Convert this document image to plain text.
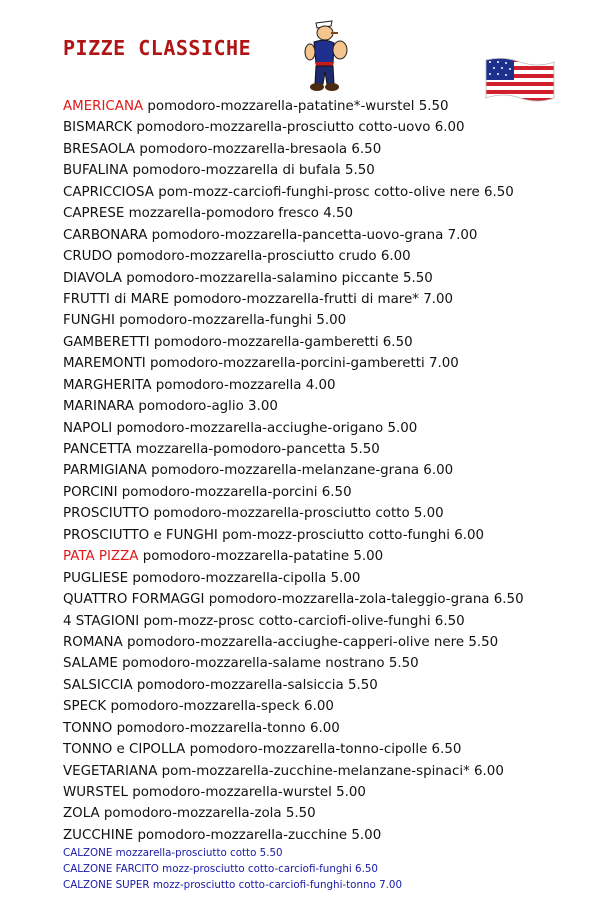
PIZZE CLASSICHE
AMERICANA pomodoro-mozzarella-patatine*-wurstel 5.50
BISMARCK pomodoro-mozzarella-prosciutto cotto-uovo 6.00
BRESAOLA pomodoro-mozzarella-bresaola 6.50
BUFALINA pomodoro-mozzarella di bufala 5.50
CAPRICCIOSA pom-mozz-carciofi-funghi-prosc cotto-olive nere 6.50
CAPRESE mozzarella-pomodoro fresco 4.50
CARBONARA pomodoro-mozzarella-pancetta-uovo-grana 7.00
CRUDO pomodoro-mozzarella-prosciutto crudo 6.00
DIAVOLA pomodoro-mozzarella-salamino piccante 5.50
FRUTTI di MARE pomodoro-mozzarella-frutti di mare* 7.00
FUNGHI pomodoro-mozzarella-funghi 5.00
GAMBERETTI pomodoro-mozzarella-gamberetti 6.50
MAREMONTI pomodoro-mozzarella-porcini-gamberetti 7.00
MARGHERITA pomodoro-mozzarella 4.00
MARINARA pomodoro-aglio 3.00
NAPOLI pomodoro-mozzarella-acciughe-origano 5.00
PANCETTA mozzarella-pomodoro-pancetta 5.50
PARMIGIANA pomodoro-mozzarella-melanzane-grana 6.00
PORCINI pomodoro-mozzarella-porcini 6.50
PROSCIUTTO pomodoro-mozzarella-prosciutto cotto 5.00
PROSCIUTTO e FUNGHI pom-mozz-prosciutto cotto-funghi 6.00
PATA PIZZA pomodoro-mozzarella-patatine 5.00
PUGLIESE pomodoro-mozzarella-cipolla 5.00
QUATTRO FORMAGGI pomodoro-mozzarella-zola-taleggio-grana 6.50
4 STAGIONI pom-mozz-prosc cotto-carciofi-olive-funghi 6.50
ROMANA pomodoro-mozzarella-acciughe-capperi-olive nere 5.50
SALAME pomodoro-mozzarella-salame nostrano 5.50
SALSICCIA pomodoro-mozzarella-salsiccia 5.50
SPECK pomodoro-mozzarella-speck 6.00
TONNO pomodoro-mozzarella-tonno 6.00
TONNO e CIPOLLA pomodoro-mozzarella-tonno-cipolle 6.50
VEGETARIANA pom-mozzarella-zucchine-melanzane-spinaci* 6.00
WURSTEL pomodoro-mozzarella-wurstel 5.00
ZOLA pomodoro-mozzarella-zola 5.50
ZUCCHINE pomodoro-mozzarella-zucchine 5.00
CALZONE mozzarella-prosciutto cotto 5.50
CALZONE FARCITO mozz-prosciutto cotto-carciofi-funghi 6.50
CALZONE SUPER mozz-prosciutto cotto-carciofi-funghi-tonno 7.00
